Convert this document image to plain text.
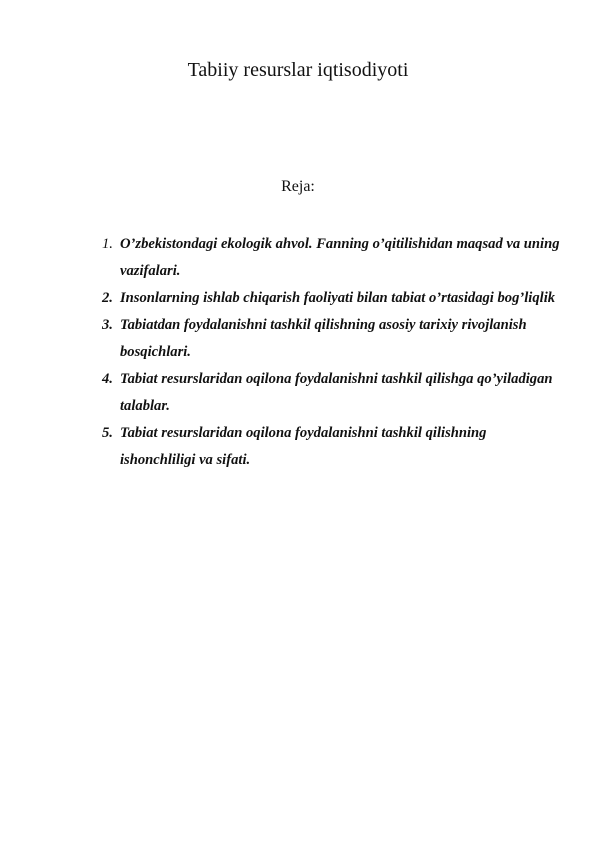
Tabiiy resurslar iqtisodiyoti

Reja:

1. O’zbekistondagi ekologik ahvol. Fanning o’qitilishidan maqsad va uning vazifalari.
2. Insonlarning ishlab chiqarish faoliyati bilan tabiat o’rtasidagi bog’liqlik
3. Tabiatdan foydalanishni tashkil qilishning asosiy tarixiy rivojlanish bosqichlari.
4. Tabiat resurslaridan oqilona foydalanishni tashkil qilishga qo’yiladigan talablar.
5. Tabiat resurslaridan oqilona foydalanishni tashkil qilishning ishonchliligi va sifati.
